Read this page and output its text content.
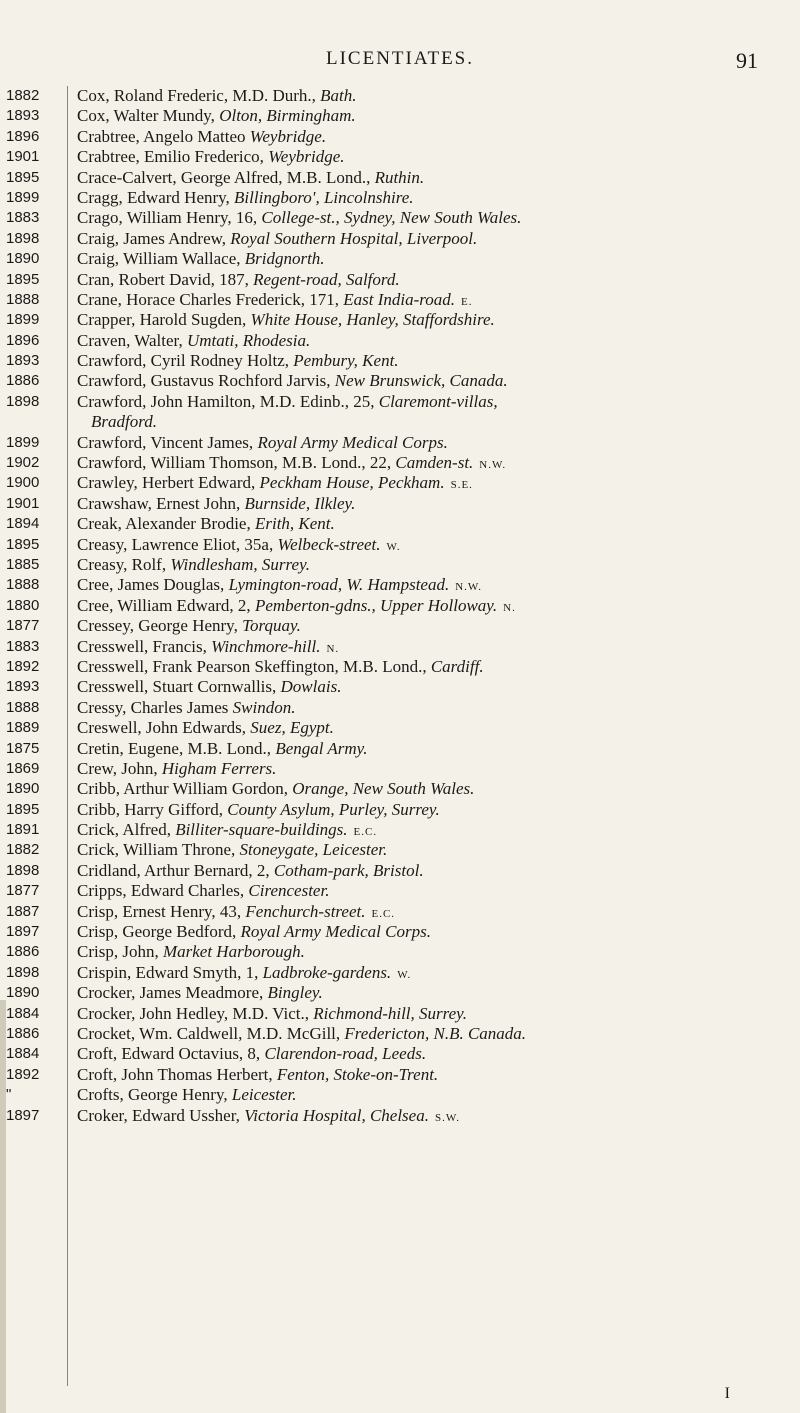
LICENTIATES.	91
1882	Cox, Roland Frederic, M.D. Durh., Bath.
1893	Cox, Walter Mundy, Olton, Birmingham.
1896	Crabtree, Angelo Matteo Weybridge.
1901	Crabtree, Emilio Frederico, Weybridge.
1895	Crace-Calvert, George Alfred, M.B. Lond., Ruthin.
1899	Cragg, Edward Henry, Billingboro', Lincolnshire.
1883	Crago, William Henry, 16, College-st., Sydney, New South Wales.
1898	Craig, James Andrew, Royal Southern Hospital, Liverpool.
1890	Craig, William Wallace, Bridgnorth.
1895	Cran, Robert David, 187, Regent-road, Salford.
1888	Crane, Horace Charles Frederick, 171, East India-road. E.
1899	Crapper, Harold Sugden, White House, Hanley, Staffordshire.
1896	Craven, Walter, Umtati, Rhodesia.
1893	Crawford, Cyril Rodney Holtz, Pembury, Kent.
1886	Crawford, Gustavus Rochford Jarvis, New Brunswick, Canada.
1898	Crawford, John Hamilton, M.D. Edinb., 25, Claremont-villas,
Bradford.
1899	Crawford, Vincent James, Royal Army Medical Corps.
1902	Crawford, William Thomson, M.B. Lond., 22, Camden-st. N.W.
1900	Crawley, Herbert Edward, Peckham House, Peckham. S.E.
1901	Crawshaw, Ernest John, Burnside, Ilkley.
1894	Creak, Alexander Brodie, Erith, Kent.
1895	Creasy, Lawrence Eliot, 35a, Welbeck-street. W.
1885	Creasy, Rolf, Windlesham, Surrey.
1888	Cree, James Douglas, Lymington-road, W. Hampstead. N.W.
1880	Cree, William Edward, 2, Pemberton-gdns., Upper Holloway. N.
1877	Cressey, George Henry, Torquay.
1883	Cresswell, Francis, Winchmore-hill. N.
1892	Cresswell, Frank Pearson Skeffington, M.B. Lond., Cardiff.
1893	Cresswell, Stuart Cornwallis, Dowlais.
1888	Cressy, Charles James Swindon.
1889	Creswell, John Edwards, Suez, Egypt.
1875	Cretin, Eugene, M.B. Lond., Bengal Army.
1869	Crew, John, Higham Ferrers.
1890	Cribb, Arthur William Gordon, Orange, New South Wales.
1895	Cribb, Harry Gifford, County Asylum, Purley, Surrey.
1891	Crick, Alfred, Billiter-square-buildings. E.C.
1882	Crick, William Throne, Stoneygate, Leicester.
1898	Cridland, Arthur Bernard, 2, Cotham-park, Bristol.
1877	Cripps, Edward Charles, Cirencester.
1887	Crisp, Ernest Henry, 43, Fenchurch-street. E.C.
1897	Crisp, George Bedford, Royal Army Medical Corps.
1886	Crisp, John, Market Harborough.
1898	Crispin, Edward Smyth, 1, Ladbroke-gardens. W.
1890	Crocker, James Meadmore, Bingley.
1884	Crocker, John Hedley, M.D. Vict., Richmond-hill, Surrey.
1886	Crocket, Wm. Caldwell, M.D. McGill, Fredericton, N.B. Canada.
1884	Croft, Edward Octavius, 8, Clarendon-road, Leeds.
1892	Croft, John Thomas Herbert, Fenton, Stoke-on-Trent.
"	Crofts, George Henry, Leicester.
1897	Croker, Edward Ussher, Victoria Hospital, Chelsea. S.W.
I
